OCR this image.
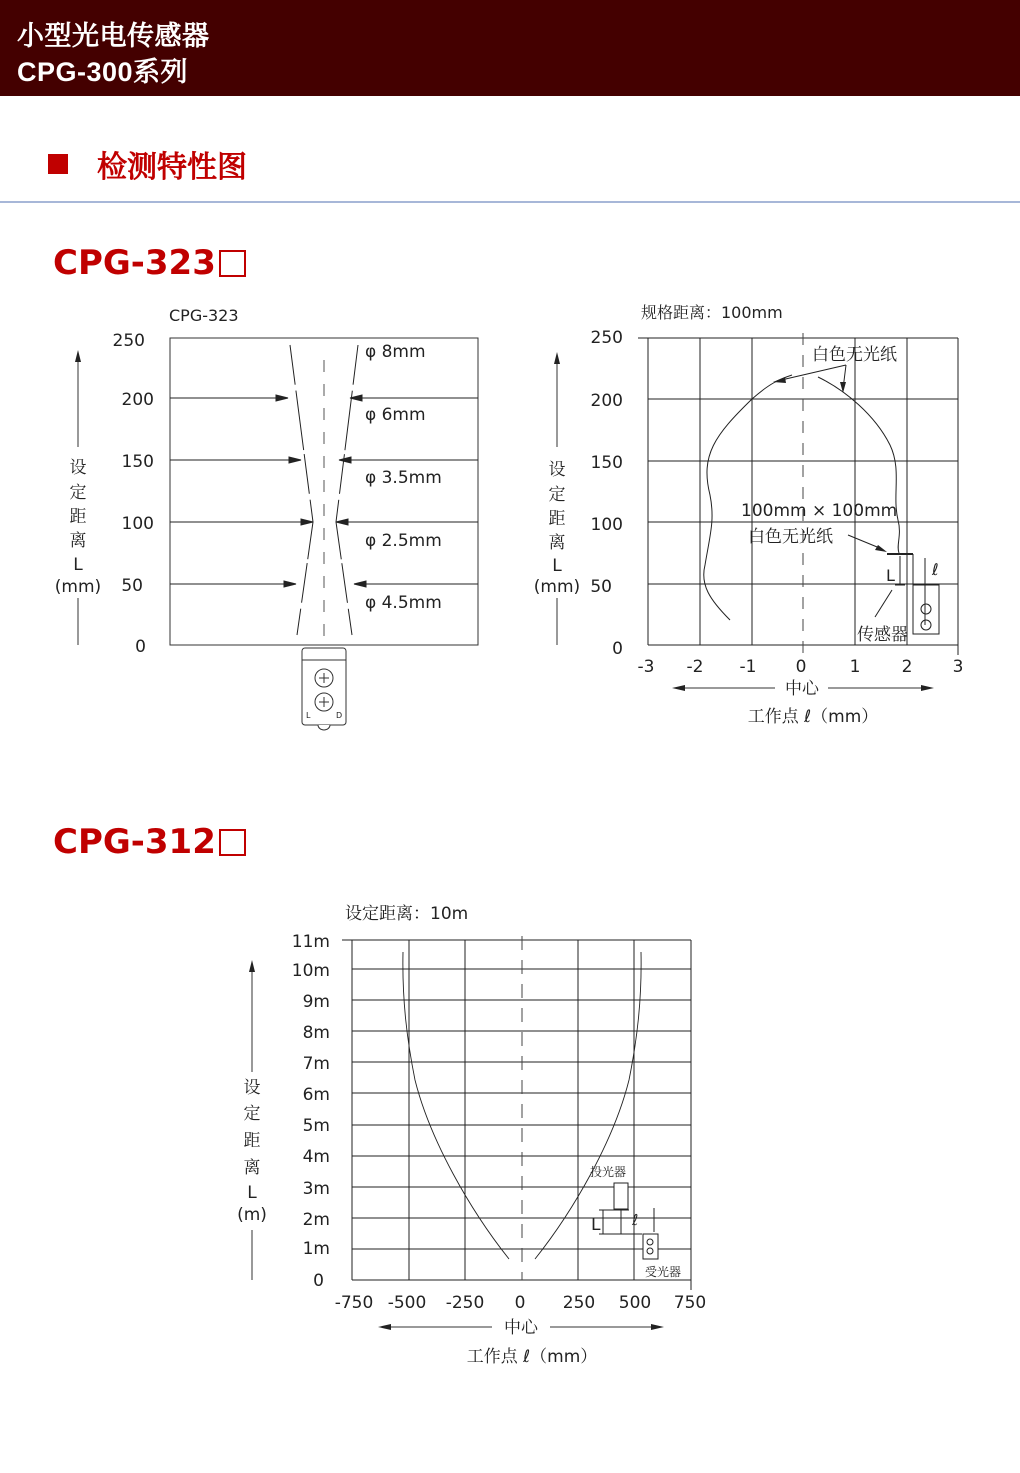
小型光电传感器
CPG-300系列
检测特性图
CPG-323
CPG-323
250
200
150
100
50
0
设
定
距
离
L
(mm)
φ 8mm
φ 6mm
φ 3.5mm
φ 2.5mm
φ 4.5mm
L	D
规格距离：100mm
250
200
150
100
50
0
-3 -2 -1 0	1 2 3
中心
工作点 ℓ（mm）
设
定
距
离
L
(mm)
白色无光纸
100mm × 100mm
白色无光纸
L ℓ
传感器
CPG-312
设定距离：10m
11m
10m
9m
8m
7m
6m
5m
4m
3m
2m
1m
0
-750 -500 -250 0 250 500 750
中心
工作点 ℓ（mm）
设
定
距
离
L
(m)
投光器
受光器
L ℓ
